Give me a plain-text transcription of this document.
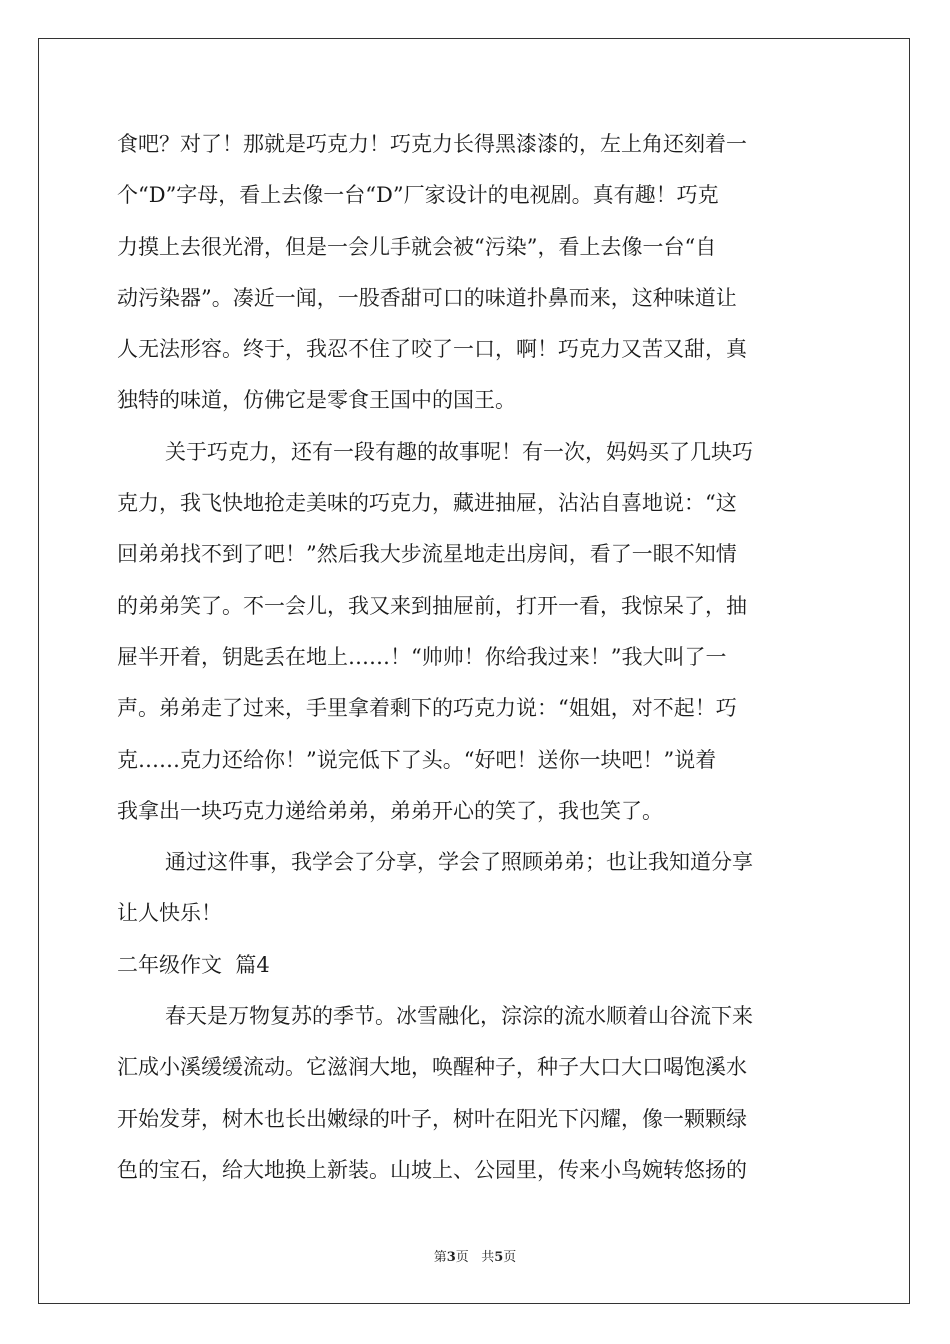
食吧？对了！那就是巧克力！巧克力长得黑漆漆的，左上角还刻着一
个“D”字母，看上去像一台“D”厂家设计的电视剧。真有趣！巧克
力摸上去很光滑，但是一会儿手就会被“污染”，看上去像一台“自
动污染器”。凑近一闻，一股香甜可口的味道扑鼻而来，这种味道让
人无法形容。终于，我忍不住了咬了一口，啊！巧克力又苦又甜，真
独特的味道，仿佛它是零食王国中的国王。
关于巧克力，还有一段有趣的故事呢！有一次，妈妈买了几块巧
克力，我飞快地抢走美味的巧克力，藏进抽屉，沾沾自喜地说：“这
回弟弟找不到了吧！”然后我大步流星地走出房间，看了一眼不知情
的弟弟笑了。不一会儿，我又来到抽屉前，打开一看，我惊呆了，抽
屉半开着，钥匙丢在地上……！“帅帅！你给我过来！”我大叫了一
声。弟弟走了过来，手里拿着剩下的巧克力说：“姐姐，对不起！巧
克……克力还给你！”说完低下了头。“好吧！送你一块吧！”说着
我拿出一块巧克力递给弟弟，弟弟开心的笑了，我也笑了。
通过这件事，我学会了分享，学会了照顾弟弟；也让我知道分享
让人快乐！
二年级作文  篇4
春天是万物复苏的季节。冰雪融化，淙淙的流水顺着山谷流下来
汇成小溪缓缓流动。它滋润大地，唤醒种子，种子大口大口喝饱溪水
开始发芽，树木也长出嫩绿的叶子，树叶在阳光下闪耀，像一颗颗绿
色的宝石，给大地换上新装。山坡上、公园里，传来小鸟婉转悠扬的
第3页 共5页
